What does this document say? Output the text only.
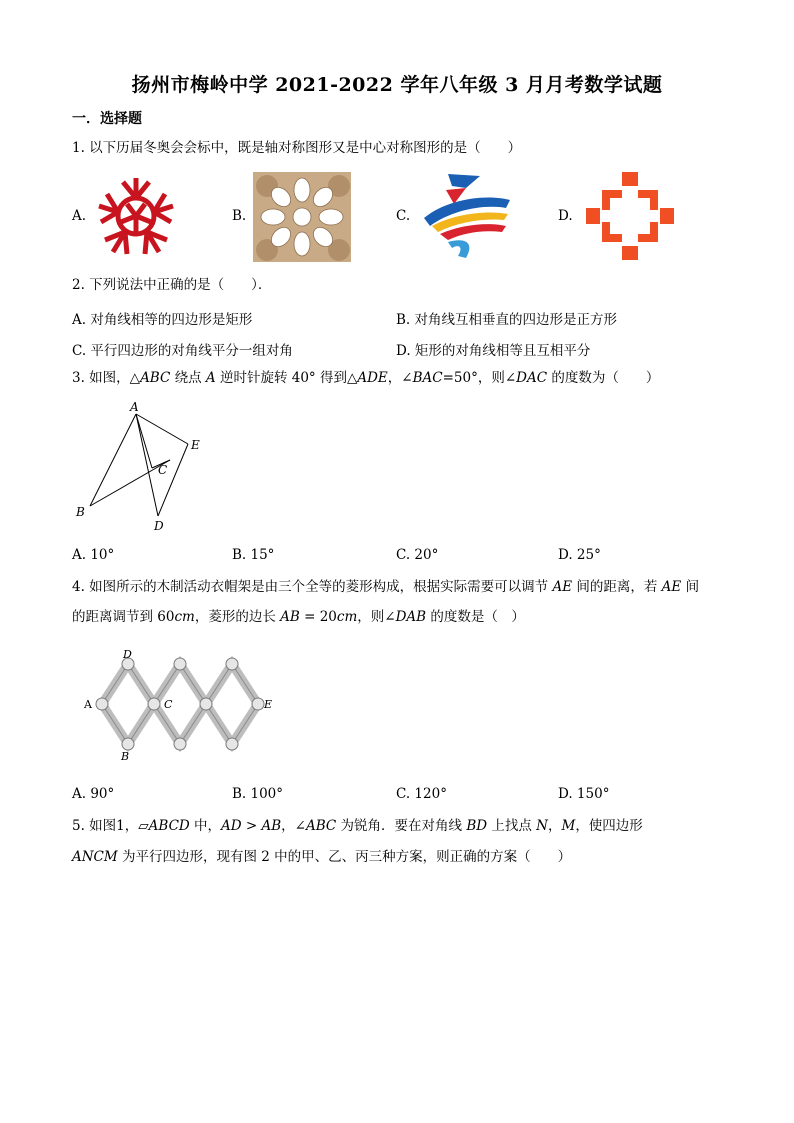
扬州市梅岭中学 2021-2022 学年八年级 3 月月考数学试题
一．选择题
1. 以下历届冬奥会会标中，既是轴对称图形又是中心对称图形的是（　　）
A.	B.	C.	D.
2. 下列说法中正确的是（　　）．
A. 对角线相等的四边形是矩形	B. 对角线互相垂直的四边形是正方形
C. 平行四边形的对角线平分一组对角	D. 矩形的对角线相等且互相平分
3. 如图，△ABC 绕点 A 逆时针旋转 40° 得到△ADE，∠BAC=50°，则∠DAC 的度数为（　　）
A
B
C
D
E
A. 10°	B. 15°	C. 20°	D. 25°
4. 如图所示的木制活动衣帽架是由三个全等的菱形构成，根据实际需要可以调节 AE 间的距离，若 AE 间
的距离调节到 60cm，菱形的边长 AB = 20cm，则∠DAB 的度数是（　）
A
D
C
B
E
A. 90°	B. 100°	C. 120°	D. 150°
5. 如图1，▱ABCD 中，AD > AB，∠ABC 为锐角．要在对角线 BD 上找点 N，M，使四边形
ANCM 为平行四边形，现有图 2 中的甲、乙、丙三种方案，则正确的方案（　　）
